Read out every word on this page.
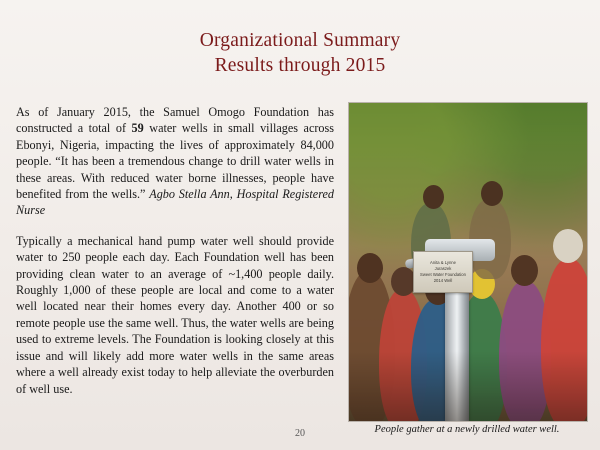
Organizational Summary
Results through 2015

As of January 2015, the Samuel Omogo Foundation has constructed a total of 59 water wells in small villages across Ebonyi, Nigeria, impacting the lives of approximately 84,000 people. “It has been a tremendous change to drill water wells in these areas. With reduced water borne illnesses, people have benefited from the wells.” Agbo Stella Ann, Hospital Registered Nurse

Typically a mechanical hand pump water well should provide water to 250 people each day. Each Foundation well has been providing clean water to an average of ~1,400 people daily. Roughly 1,000 of these people are local and come to a water well located near their homes every day. Another 400 or so remote people use the same well. Thus, the water wells are being used to extreme levels. The Foundation is looking closely at this issue and will likely add more water wells in the same areas where a well already exist today to help alleviate the overburden of well use.

Anita & Lynne
Juraszek
Sweet Water Foundation
2014 Well
People gather at a newly drilled water well.
20
